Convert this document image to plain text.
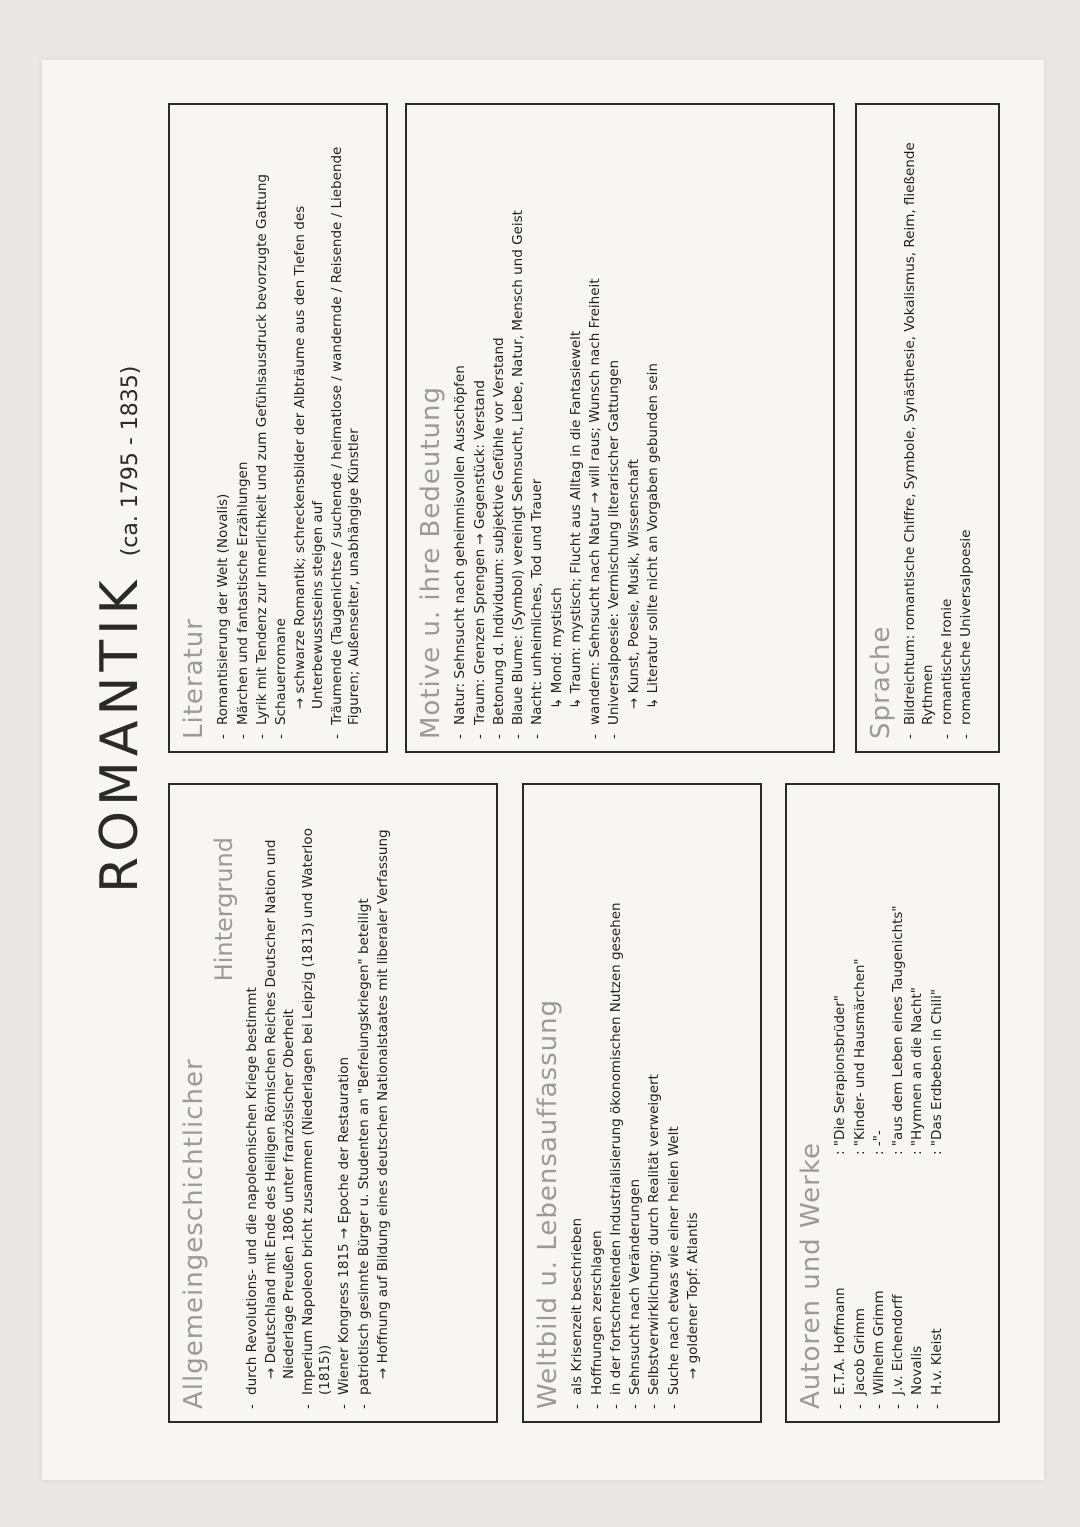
ROMANTIK (ca. 1795 - 1835)
Allgemeingeschichtlicher
Hintergrund
- durch Revolutions- und die napoleonischen Kriege bestimmt → Deutschland mit Ende des Heiligen Römischen Reiches Deutscher Nation und Niederlage Preußen 1806 unter französischer Oberheit - Imperium Napoleon bricht zusammen (Niederlagen bei Leipzig (1813) und Waterloo (1815)) - Wiener Kongress 1815 → Epoche der Restauration - patriotisch gesinnte Bürger u. Studenten an "Befreiungskriegen" beteiligt → Hoffnung auf Bildung eines deutschen Nationalstaates mit liberaler Verfassung	Weltbild u. Lebensauffassung - als Krisenzeit beschrieben - Hoffnungen zerschlagen - in der fortschreitenden Industrialisierung ökonomischen Nutzen gesehen - Sehnsucht nach Veränderungen - Selbstverwirklichung; durch Realität verweigert - Suche nach etwas wie einer heilen Welt → goldener Topf: Atlantis	Autoren und Werke - E.T.A. Hoffmann
: "Die Serapionsbrüder"
- Jacob Grimm
: "Kinder- und Hausmärchen"
- Wilhelm Grimm
: -"-
- J.v. Eichendorff
: "aus dem Leben eines Taugenichts"
- Novalis
: "Hymnen an die Nacht"
- H.v. Kleist
: "Das Erdbeben in Chili"
Literatur - Romantisierung der Welt (Novalis) - Märchen und fantastische Erzählungen - Lyrik mit Tendenz zur Innerlichkeit und zum Gefühlsausdruck bevorzugte Gattung - Schauerromane → schwarze Romantik; schreckensbilder der Albträume aus den Tiefen des Unterbewusstseins steigen auf - Träumende (Taugenichtse / suchende / heimatlose / wandernde / Reisende / Liebende Figuren; Außenseiter, unabhängige Künstler Motive u. ihre Bedeutung - Natur: Sehnsucht nach geheimnisvollen Ausschöpfen - Traum: Grenzen Sprengen → Gegenstück: Verstand - Betonung d. Individuum: subjektive Gefühle vor Verstand - Blaue Blume: (Symbol) vereinigt Sehnsucht, Liebe, Natur, Mensch und Geist - Nacht: unheimliches, Tod und Trauer ↳ Mond: mystisch ↳ Traum: mystisch; Flucht aus Alltag in die Fantasiewelt - wandern: Sehnsucht nach Natur → will raus; Wunsch nach Freiheit - Universalpoesie: Vermischung literarischer Gattungen → Kunst, Poesie, Musik, Wissenschaft ↳ Literatur sollte nicht an Vorgaben gebunden sein	Sprache - Bildreichtum: romantische Chiffre, Symbole, Synästhesie, Vokalismus, Reim, fließende Rythmen - romantische Ironie - romantische Universalpoesie
